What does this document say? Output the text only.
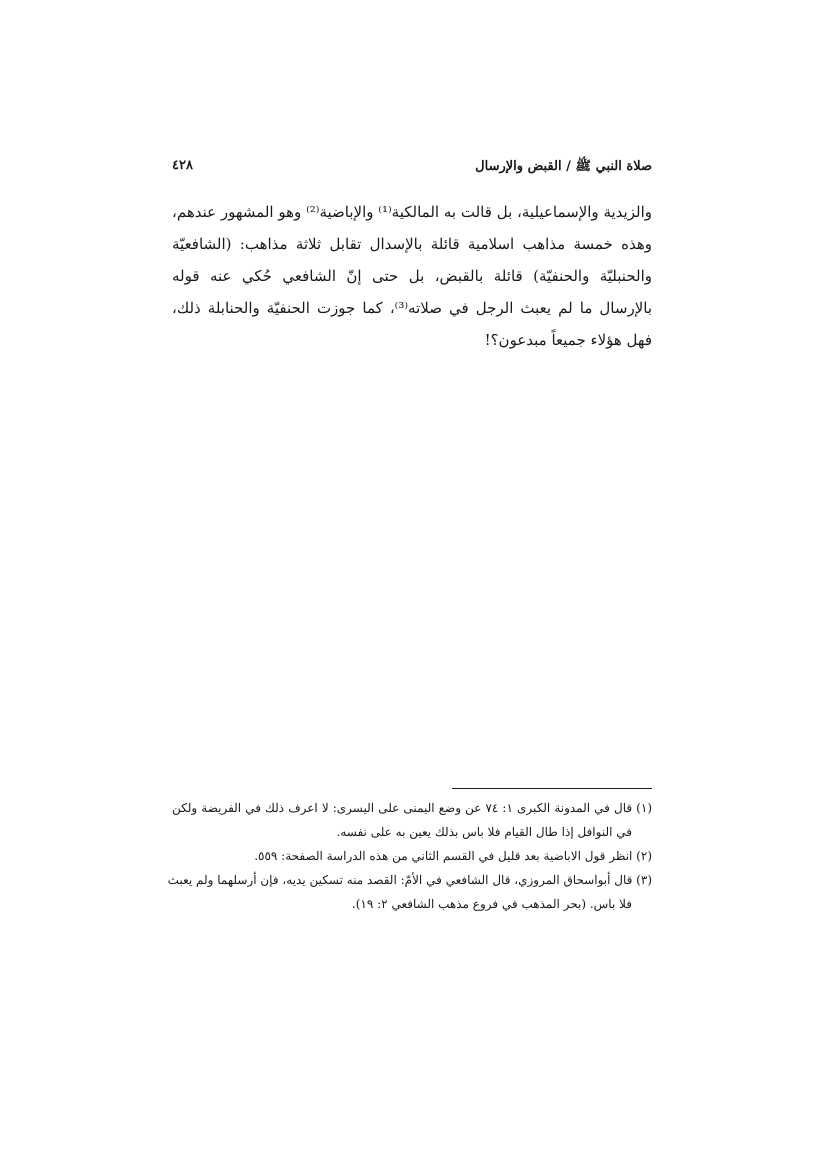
صلاة النبي ﷺ / القبض والإرسال
٤٢٨
والزيدية والإسماعيلية، بل قالت به المالكية⁽¹⁾ والإباضية⁽²⁾ وهو المشهور عندهم،
وهذه خمسة مذاهب اسلامية قائلة بالإسدال تقابل ثلاثة مذاهب: (الشافعيّة
والحنبليّة والحنفيّة) قائلة بالقبض، بل حتى إنّ الشافعي حُكي عنه قوله
بالإرسال ما لم يعبث الرجل في صلاته⁽³⁾، كما جوزت الحنفيّة والحنابلة ذلك،
فهل هؤلاء جميعاً مبدعون؟!
(١) قال في المدونة الكبرى ١: ٧٤ عن وضع اليمنى على اليسرى: لا اعرف ذلك في الفريضة ولكن
في النوافل إذا طال القيام فلا باس بذلك يعين به على نفسه.
(٢) انظر قول الاباضية بعد قليل في القسم الثاني من هذه الدراسة الصفحة: ٥٥٩.
(٣) قال أبواسحاق المروزي، قال الشافعي في الأمّ: القصد منه تسكين يديه، فإن أرسلهما ولم يعبث
فلا باس. (بحر المذهب في فروع مذهب الشافعي ٢: ١٩).
